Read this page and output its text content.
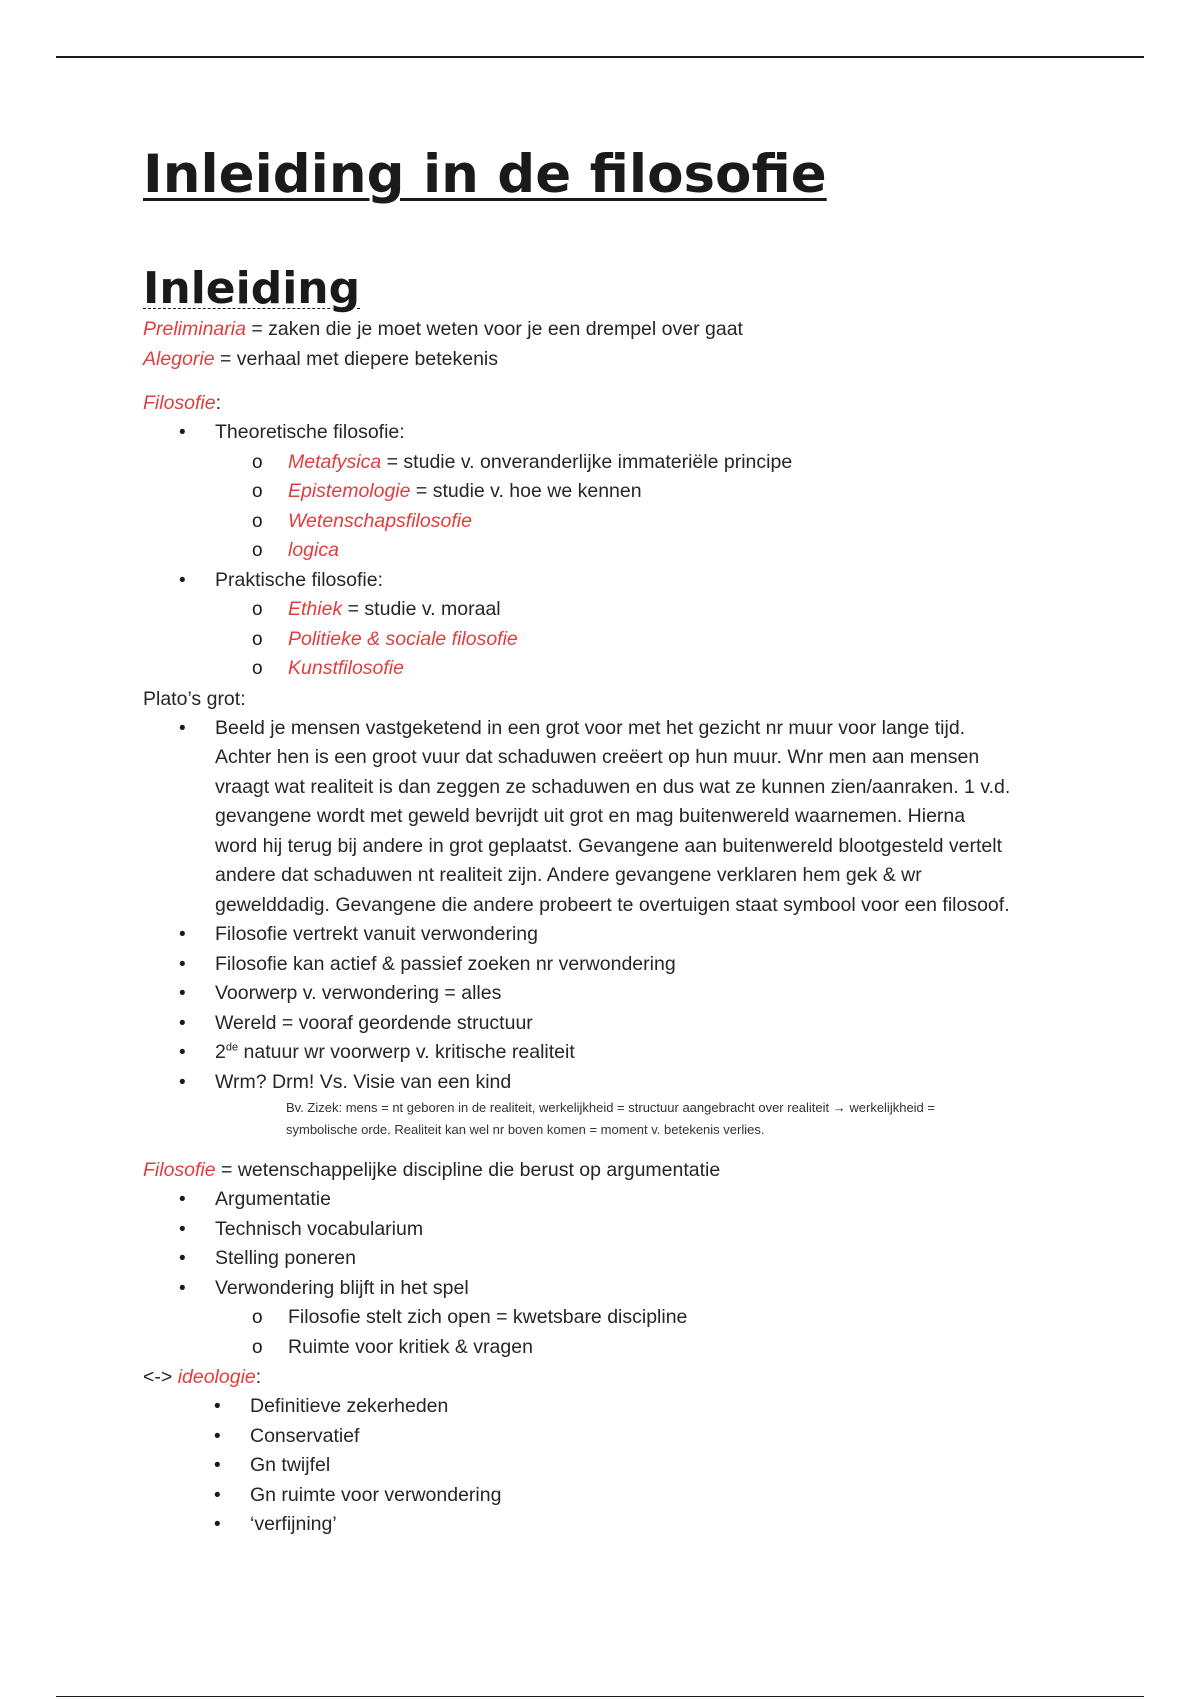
Inleiding in de filosofie
Inleiding

Preliminaria = zaken die je moet weten voor je een drempel over gaat

Alegorie = verhaal met diepere betekenis

Filosofie:

• Theoretische filosofie:
o Metafysica = studie v. onveranderlijke immateriële principe
o Epistemologie = studie v. hoe we kennen
o Wetenschapsfilosofie
o logica
• Praktische filosofie:
o Ethiek = studie v. moraal
o Politieke & sociale filosofie
o Kunstfilosofie

Plato’s grot:

• Beeld je mensen vastgeketend in een grot voor met het gezicht nr muur voor lange tijd.
Achter hen is een groot vuur dat schaduwen creëert op hun muur. Wnr men aan mensen
vraagt wat realiteit is dan zeggen ze schaduwen en dus wat ze kunnen zien/aanraken. 1 v.d.
gevangene wordt met geweld bevrijdt uit grot en mag buitenwereld waarnemen. Hierna
word hij terug bij andere in grot geplaatst. Gevangene aan buitenwereld blootgesteld vertelt
andere dat schaduwen nt realiteit zijn. Andere gevangene verklaren hem gek & wr
gewelddadig. Gevangene die andere probeert te overtuigen staat symbool voor een filosoof.
• Filosofie vertrekt vanuit verwondering
• Filosofie kan actief & passief zoeken nr verwondering
• Voorwerp v. verwondering = alles
• Wereld = vooraf geordende structuur
• 2de natuur wr voorwerp v. kritische realiteit
• Wrm? Drm! Vs. Visie van een kind
Bv. Zizek: mens = nt geboren in de realiteit, werkelijkheid = structuur aangebracht over realiteit → werkelijkheid =
symbolische orde. Realiteit kan wel nr boven komen = moment v. betekenis verlies.

Filosofie = wetenschappelijke discipline die berust op argumentatie

• Argumentatie
• Technisch vocabularium
• Stelling poneren
• Verwondering blijft in het spel
o Filosofie stelt zich open = kwetsbare discipline
o Ruimte voor kritiek & vragen

<-> ideologie:

• Definitieve zekerheden
• Conservatief
• Gn twijfel
• Gn ruimte voor verwondering
• ‘verfijning’
